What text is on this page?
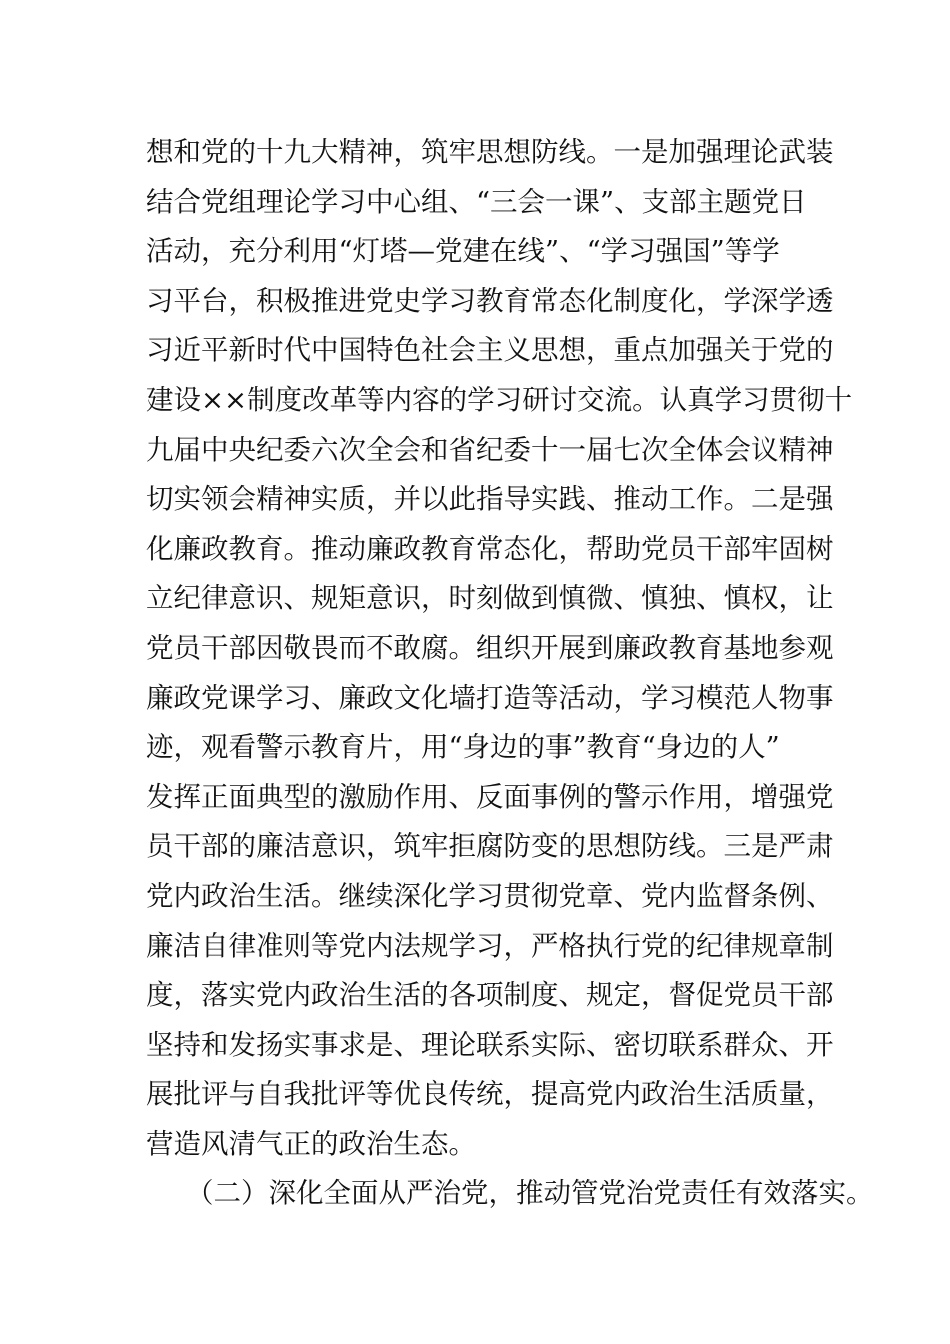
想和党的十九大精神，筑牢思想防线。一是加强理论武装
结合党组理论学习中心组、“三会一课”、支部主题党日
活动，充分利用“灯塔—党建在线”、“学习强国”等学
习平台，积极推进党史学习教育常态化制度化，学深学透
习近平新时代中国特色社会主义思想，重点加强关于党的
建设××制度改革等内容的学习研讨交流。认真学习贯彻十
九届中央纪委六次全会和省纪委十一届七次全体会议精神
切实领会精神实质，并以此指导实践、推动工作。二是强
化廉政教育。推动廉政教育常态化，帮助党员干部牢固树
立纪律意识、规矩意识，时刻做到慎微、慎独、慎权，让
党员干部因敬畏而不敢腐。组织开展到廉政教育基地参观
廉政党课学习、廉政文化墙打造等活动，学习模范人物事
迹，观看警示教育片，用“身边的事”教育“身边的人”
发挥正面典型的激励作用、反面事例的警示作用，增强党
员干部的廉洁意识，筑牢拒腐防变的思想防线。三是严肃
党内政治生活。继续深化学习贯彻党章、党内监督条例、
廉洁自律准则等党内法规学习，严格执行党的纪律规章制
度，落实党内政治生活的各项制度、规定，督促党员干部
坚持和发扬实事求是、理论联系实际、密切联系群众、开
展批评与自我批评等优良传统，提高党内政治生活质量，
营造风清气正的政治生态。
（二）深化全面从严治党，推动管党治党责任有效落实。
